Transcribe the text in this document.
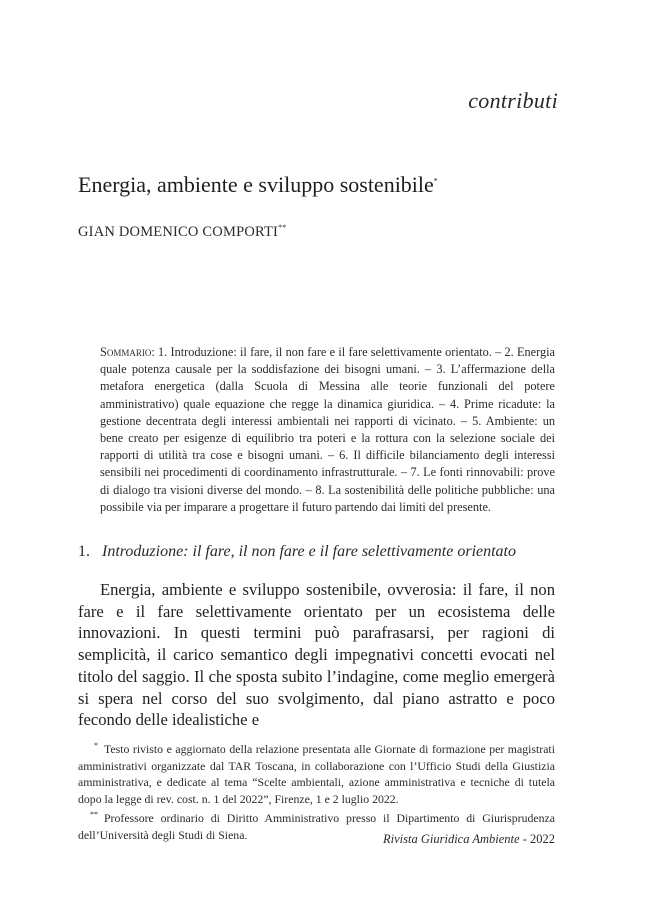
contributi
Energia, ambiente e sviluppo sostenibile*
GIAN DOMENICO COMPORTI**
Sommario: 1. Introduzione: il fare, il non fare e il fare selettivamente orientato. – 2. Energia quale potenza causale per la soddisfazione dei bisogni umani. – 3. L’affermazione della metafora energetica (dalla Scuola di Messina alle teorie funzionali del potere amministrativo) quale equazione che regge la dinamica giuridica. – 4. Prime ricadute: la gestione decentrata degli interessi ambientali nei rapporti di vicinato. – 5. Ambiente: un bene creato per esigenze di equilibrio tra poteri e la rottura con la selezione sociale dei rapporti di utilità tra cose e bisogni umani. – 6. Il difficile bilanciamento degli interessi sensibili nei procedimenti di coordinamento infrastrutturale. – 7. Le fonti rinnovabili: prove di dialogo tra visioni diverse del mondo. – 8. La sostenibilità delle politiche pubbliche: una possibile via per imparare a progettare il futuro partendo dai limiti del presente.
1. Introduzione: il fare, il non fare e il fare selettivamente orientato
Energia, ambiente e sviluppo sostenibile, ovverosia: il fare, il non fare e il fare selettivamente orientato per un ecosistema delle innovazioni. In questi termini può parafrasarsi, per ragioni di semplicità, il carico semantico degli impegnativi concetti evocati nel titolo del saggio. Il che sposta subito l’indagine, come meglio emergerà si spera nel corso del suo svolgimento, dal piano astratto e poco fecondo delle idealistiche e

* Testo rivisto e aggiornato della relazione presentata alle Giornate di formazione per magistrati amministrativi organizzate dal TAR Toscana, in collaborazione con l’Ufficio Studi della Giustizia amministrativa, e dedicate al tema “Scelte ambientali, azione amministrativa e tecniche di tutela dopo la legge di rev. cost. n. 1 del 2022”, Firenze, 1 e 2 luglio 2022.

** Professore ordinario di Diritto Amministrativo presso il Dipartimento di Giurisprudenza dell’Università degli Studi di Siena.	Rivista Giuridica Ambiente - 2022
